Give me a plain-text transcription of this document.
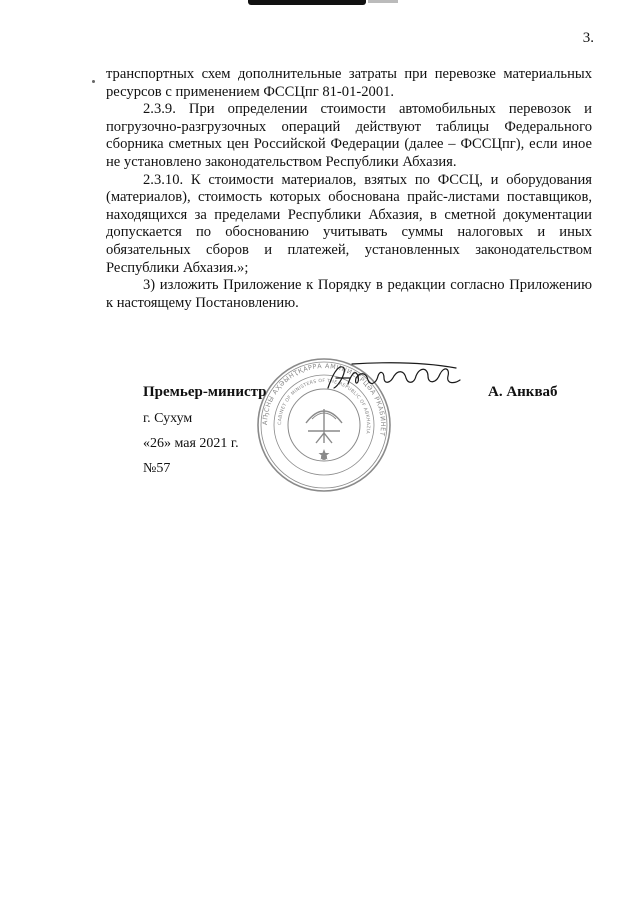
3.

транспортных схем дополнительные затраты при перевозке материальных ресурсов с применением ФССЦпг 81-01-2001.

2.3.9. При определении стоимости автомобильных перевозок и погрузочно-разгрузочных операций действуют таблицы Федерального сборника сметных цен Российской Федерации (далее – ФССЦпг), если иное не установлено законодательством Республики Абхазия.

2.3.10. К стоимости материалов, взятых по ФССЦ, и оборудования (материалов), стоимость которых обоснована прайс-листами поставщиков, находящихся за пределами Республики Абхазия, в сметной документации допускается по обоснованию учитывать суммы налоговых и иных обязательных сборов и платежей, установленных законодательством Республики Абхазия.»;

3) изложить Приложение к Порядку в редакции согласно Приложению к настоящему Постановлению.

АҦСНЫ АҲӘЫНҬҚАРРА АМИНИСТРЦӘА РКАБИНЕТ
CABINET OF MINISTERS OF THE REPUBLIC OF ABKHAZIA
Премьер-министр	А. Анкваб
г. Сухум
«26» мая 2021 г.
№57
